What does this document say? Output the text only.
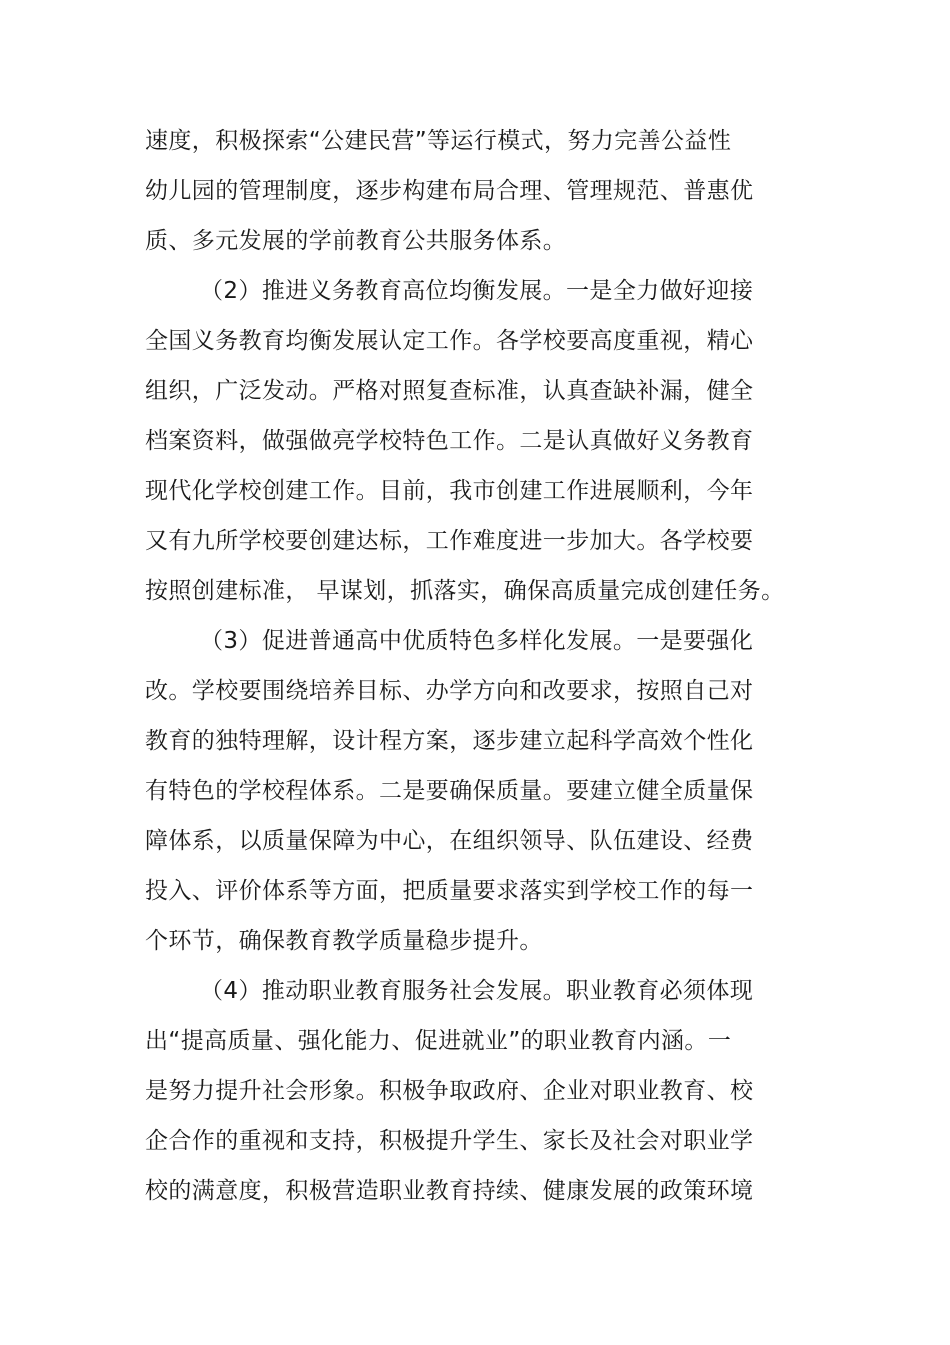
速度，积极探索“公建民营”等运行模式，努力完善公益性
幼儿园的管理制度，逐步构建布局合理、管理规范、普惠优
质、多元发展的学前教育公共服务体系。
（2）推进义务教育高位均衡发展。一是全力做好迎接
全国义务教育均衡发展认定工作。各学校要高度重视，精心
组织，广泛发动。严格对照复查标准，认真查缺补漏，健全
档案资料，做强做亮学校特色工作。二是认真做好义务教育
现代化学校创建工作。目前，我市创建工作进展顺利，今年
又有九所学校要创建达标，工作难度进一步加大。各学校要
按照创建标准， 早谋划，抓落实，确保高质量完成创建任务。
（3）促进普通高中优质特色多样化发展。一是要强化
改。学校要围绕培养目标、办学方向和改要求，按照自己对
教育的独特理解，设计程方案，逐步建立起科学高效个性化
有特色的学校程体系。二是要确保质量。要建立健全质量保
障体系，以质量保障为中心，在组织领导、队伍建设、经费
投入、评价体系等方面，把质量要求落实到学校工作的每一
个环节，确保教育教学质量稳步提升。
（4）推动职业教育服务社会发展。职业教育必须体现
出“提高质量、强化能力、促进就业”的职业教育内涵。一
是努力提升社会形象。积极争取政府、企业对职业教育、校
企合作的重视和支持，积极提升学生、家长及社会对职业学
校的满意度，积极营造职业教育持续、健康发展的政策环境
